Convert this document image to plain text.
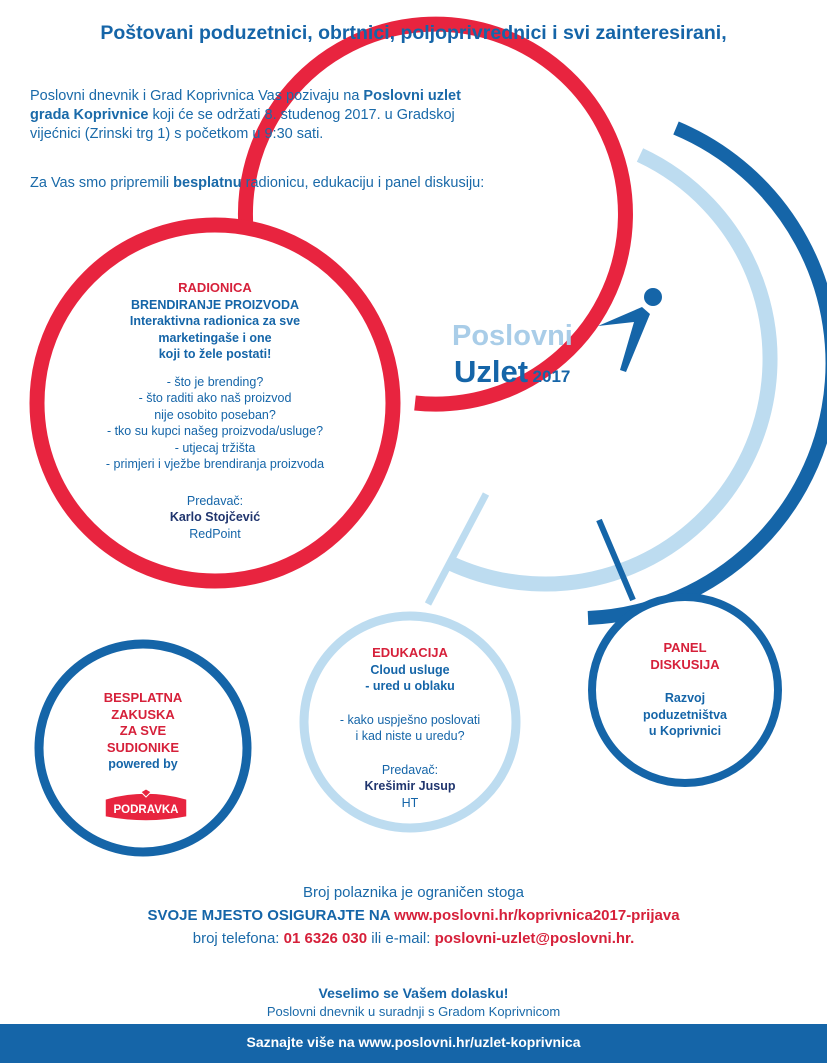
Poštovani poduzetnici, obrtnici, poljoprivrednici i svi zainteresirani,
Poslovni dnevnik i Grad Koprivnica Vas pozivaju na Poslovni uzlet
grada Koprivnice koji će se održati 8. studenog 2017. u Gradskoj
vijećnici (Zrinski trg 1) s početkom u 9:30 sati.
Za Vas smo pripremili besplatnu radionicu, edukaciju i panel diskusiju:
Poslovni
Uzlet 2017
RADIONICA
BRENDIRANJE PROIZVODA
Interaktivna radionica za sve
marketingaše i one
koji to žele postati!
- što je brending?
- što raditi ako naš proizvod
nije osobito poseban?
- tko su kupci našeg proizvoda/usluge?
- utjecaj tržišta
- primjeri i vježbe brendiranja proizvoda
Predavač:
Karlo Stojčević
RedPoint
EDUKACIJA
Cloud usluge
- ured u oblaku
- kako uspješno poslovati
i kad niste u uredu?
Predavač:
Krešimir Jusup
HT
PANEL
DISKUSIJA
Razvoj
poduzetništva
u Koprivnici
BESPLATNA
ZAKUSKA
ZA SVE
SUDIONIKE
powered by
PODRAVKA
Broj polaznika je ograničen stoga
SVOJE MJESTO OSIGURAJTE NA www.poslovni.hr/koprivnica2017-prijava
broj telefona: 01 6326 030 ili e-mail: poslovni-uzlet@poslovni.hr.
Veselimo se Vašem dolasku!
Poslovni dnevnik u suradnji s Gradom Koprivnicom
Saznajte više na www.poslovni.hr/uzlet-koprivnica
